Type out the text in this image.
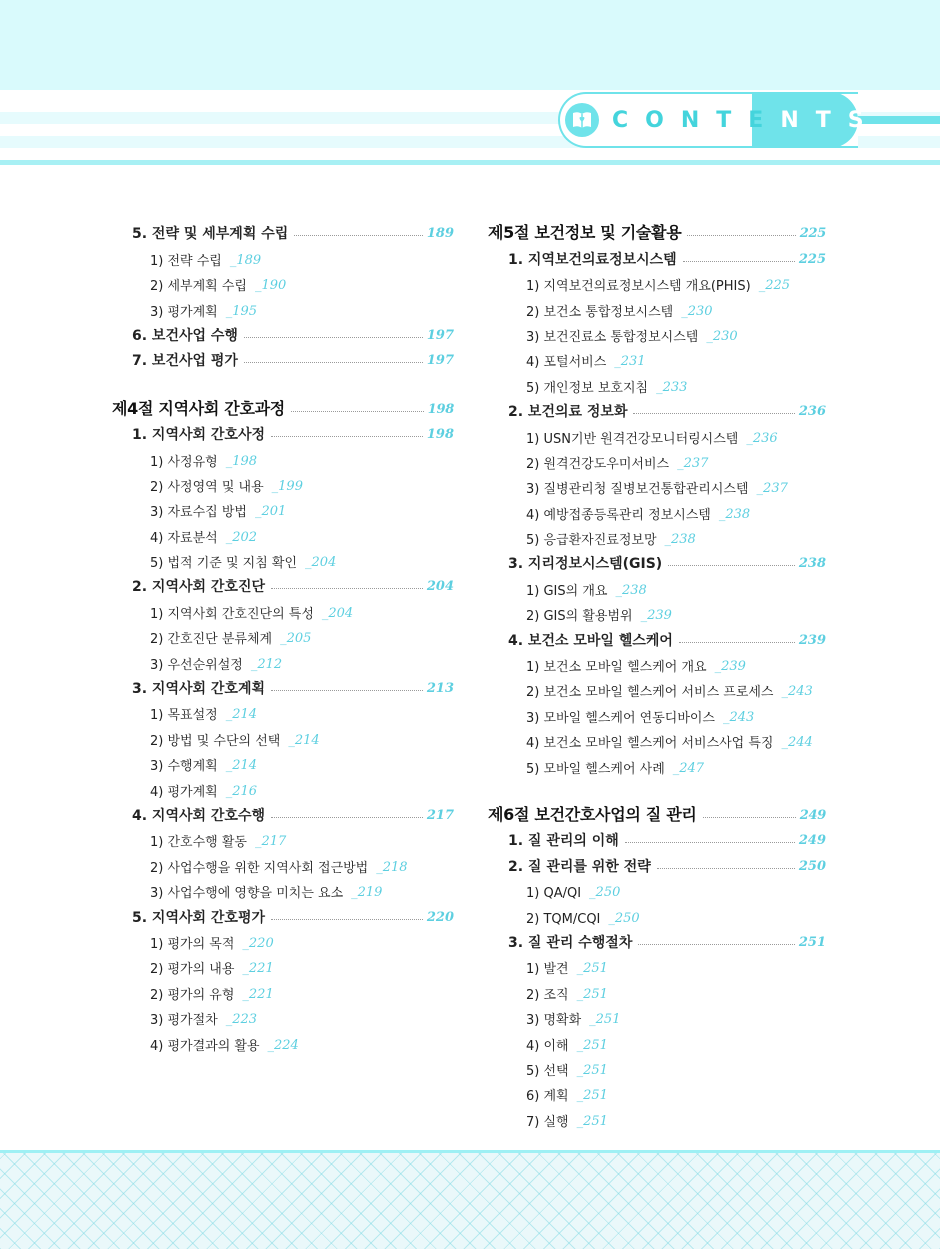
CONTENTS
5. 전략 및 세부계획 수립	189
1) 전략 수립 _189
2) 세부계획 수립 _190
3) 평가계획 _195
6. 보건사업 수행	197
7. 보건사업 평가	197
제4절 지역사회 간호과정	198
1. 지역사회 간호사정	198
1) 사정유형 _198
2) 사정영역 및 내용 _199
3) 자료수집 방법 _201
4) 자료분석 _202
5) 법적 기준 및 지침 확인 _204
2. 지역사회 간호진단	204
1) 지역사회 간호진단의 특성 _204
2) 간호진단 분류체계 _205
3) 우선순위설정 _212
3. 지역사회 간호계획	213
1) 목표설정 _214
2) 방법 및 수단의 선택 _214
3) 수행계획 _214
4) 평가계획 _216
4. 지역사회 간호수행	217
1) 간호수행 활동 _217
2) 사업수행을 위한 지역사회 접근방법 _218
3) 사업수행에 영향을 미치는 요소 _219
5. 지역사회 간호평가	220
1) 평가의 목적 _220
2) 평가의 내용 _221
2) 평가의 유형 _221
3) 평가절차 _223
4) 평가결과의 활용 _224
제5절 보건정보 및 기술활용	225
1. 지역보건의료정보시스템	225
1) 지역보건의료정보시스템 개요(PHIS) _225
2) 보건소 통합정보시스템 _230
3) 보건진료소 통합정보시스템 _230
4) 포털서비스 _231
5) 개인정보 보호지침 _233
2. 보건의료 정보화	236
1) USN기반 원격건강모니터링시스템 _236
2) 원격건강도우미서비스 _237
3) 질병관리청 질병보건통합관리시스템 _237
4) 예방접종등록관리 정보시스템 _238
5) 응급환자진료정보망 _238
3. 지리정보시스템(GIS)	238
1) GIS의 개요 _238
2) GIS의 활용범위 _239
4. 보건소 모바일 헬스케어	239
1) 보건소 모바일 헬스케어 개요 _239
2) 보건소 모바일 헬스케어 서비스 프로세스 _243
3) 모바일 헬스케어 연동디바이스 _243
4) 보건소 모바일 헬스케어 서비스사업 특징 _244
5) 모바일 헬스케어 사례 _247
제6절 보건간호사업의 질 관리	249
1. 질 관리의 이해	249
2. 질 관리를 위한 전략	250
1) QA/QI _250
2) TQM/CQI _250
3. 질 관리 수행절차	251
1) 발견 _251
2) 조직 _251
3) 명확화 _251
4) 이해 _251
5) 선택 _251
6) 계획 _251
7) 실행 _251
